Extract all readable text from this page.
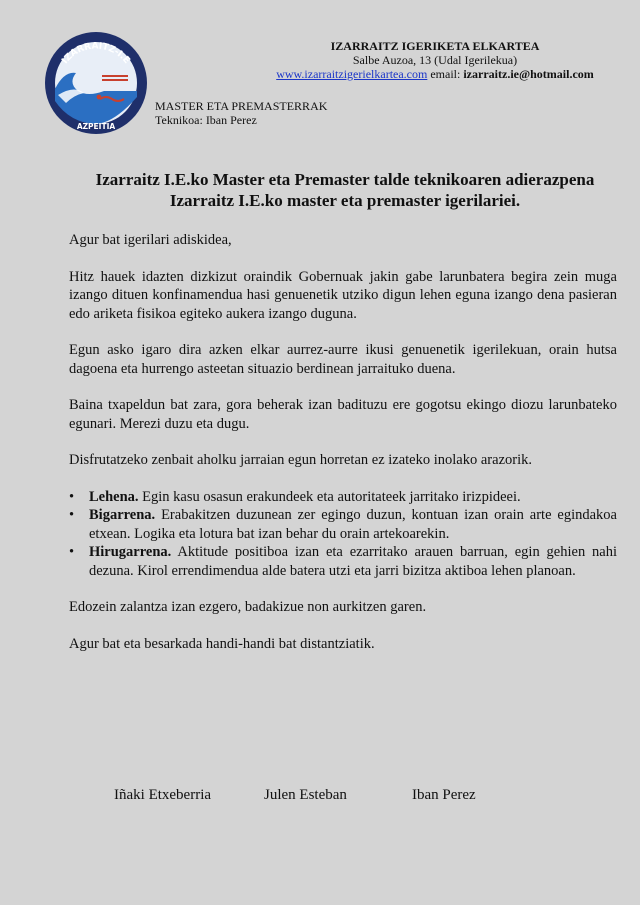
IZARRAITZ-I.E
AZPEITIA
IZARRAITZ IGERIKETA ELKARTEA
Salbe Auzoa, 13 (Udal Igerilekua)
www.izarraitzigerielkartea.com email: izarraitz.ie@hotmail.com
MASTER ETA PREMASTERRAK
Teknikoa: Iban Perez
Izarraitz I.E.ko Master eta Premaster talde teknikoaren adierazpena
Izarraitz I.E.ko master eta premaster igerilariei.

Agur bat igerilari adiskidea,

Hitz hauek idazten dizkizut oraindik Gobernuak jakin gabe larunbatera begira zein muga izango dituen konfinamendua hasi genuenetik utziko digun lehen eguna izango dena pasieran edo ariketa fisikoa egiteko aukera izango duguna.

Egun asko igaro dira azken elkar aurrez-aurre ikusi genuenetik igerilekuan, orain hutsa dagoena eta hurrengo asteetan situazio berdinean jarraituko duena.

Baina txapeldun bat zara, gora beherak izan badituzu ere gogotsu ekingo diozu larunbateko egunari. Merezi duzu eta dugu.

Disfrutatzeko zenbait aholku jarraian egun horretan ez izateko inolako arazorik.

• Lehena. Egin kasu osasun erakundeek eta autoritateek jarritako irizpideei.
• Bigarrena. Erabakitzen duzunean zer egingo duzun, kontuan izan orain arte egindakoa etxean. Logika eta lotura bat izan behar du orain artekoarekin.
• Hirugarrena. Aktitude positiboa izan eta ezarritako arauen barruan, egin gehien nahi dezuna. Kirol errendimendua alde batera utzi eta jarri bizitza aktiboa lehen planoan.

Edozein zalantza izan ezgero, badakizue non aurkitzen garen.

Agur bat eta besarkada handi-handi bat distantziatik.

Iñaki Etxeberria	Julen Esteban	Iban Perez
